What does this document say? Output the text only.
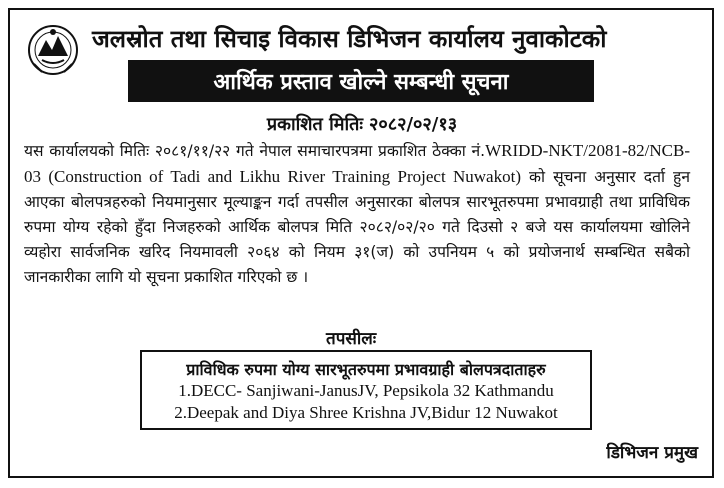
जलस्रोत तथा सिचाइ विकास डिभिजन कार्यालय नुवाकोटको
आर्थिक प्रस्ताव खोल्ने सम्बन्धी सूचना
प्रकाशित मितिः २०८२/०२/१३
यस कार्यालयको मितिः २०८१/११/२२ गते नेपाल समाचारपत्रमा प्रकाशित ठेक्का नं.WRIDD-NKT/2081-82/NCB-03 (Construction of Tadi and Likhu River Training Project Nuwakot) को सूचना अनुसार दर्ता हुन आएका बोलपत्रहरुको नियमानुसार मूल्याङ्कन गर्दा तपसील अनुसारका बोलपत्र सारभूतरुपमा प्रभावग्राही तथा प्राविधिक रुपमा योग्य रहेको हुँदा निजहरुको आर्थिक बोलपत्र मिति २०८२/०२/२० गते दिउसो २ बजे यस कार्यालयमा खोलिने व्यहोरा सार्वजनिक खरिद नियमावली २०६४ को नियम ३१(ज) को उपनियम ५ को प्रयोजनार्थ सम्बन्धित सबैको जानकारीका लागि यो सूचना प्रकाशित गरिएको छ ।
तपसीलः
प्राविधिक रुपमा योग्य सारभूतरुपमा प्रभावग्राही बोलपत्रदाताहरु
1.DECC- Sanjiwani-JanusJV, Pepsikola 32 Kathmandu
2.Deepak and Diya Shree Krishna JV,Bidur 12 Nuwakot
डिभिजन प्रमुख
